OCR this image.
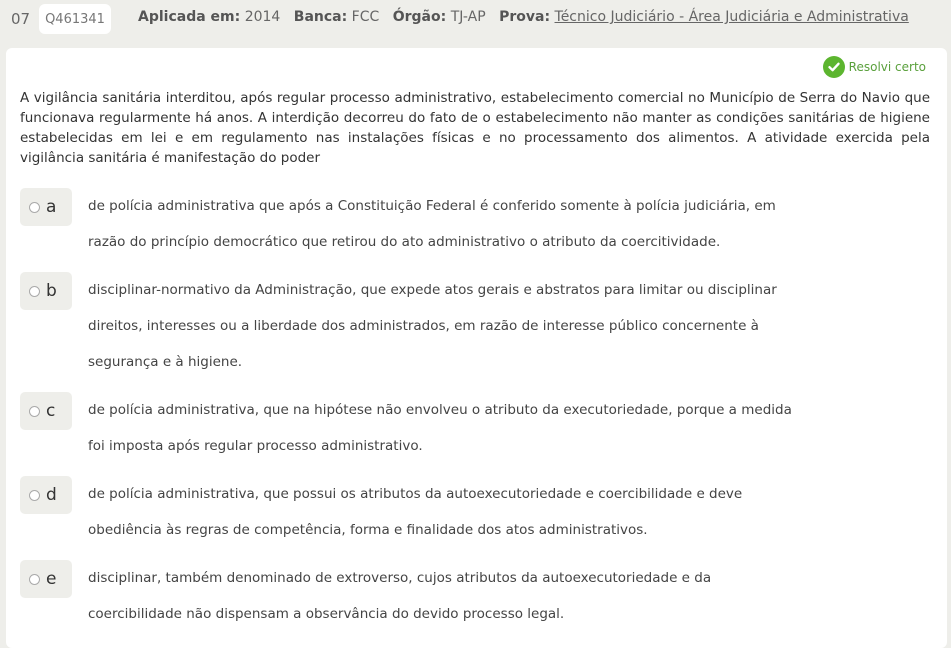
07	Q461341	Aplicada em: 2014 Banca: FCC Órgão: TJ-AP Prova: Técnico Judiciário - Área Judiciária e Administrativa
Resolvi certo
A vigilância sanitária interditou, após regular processo administrativo, estabelecimento comercial no Município de Serra do Navio que funcionava regularmente há anos. A interdição decorreu do fato de o estabelecimento não manter as condições sanitárias de higiene estabelecidas em lei e em regulamento nas instalações físicas e no processamento dos alimentos. A atividade exercida pela vigilância sanitária é manifestação do poder
a de polícia administrativa que após a Constituição Federal é conferido somente à polícia judiciária, em razão do princípio democrático que retirou do ato administrativo o atributo da coercitividade.
b disciplinar-normativo da Administração, que expede atos gerais e abstratos para limitar ou disciplinar direitos, interesses ou a liberdade dos administrados, em razão de interesse público concernente à segurança e à higiene.
c de polícia administrativa, que na hipótese não envolveu o atributo da executoriedade, porque a medida foi imposta após regular processo administrativo.
d de polícia administrativa, que possui os atributos da autoexecutoriedade e coercibilidade e deve obediência às regras de competência, forma e finalidade dos atos administrativos.
e disciplinar, também denominado de extroverso, cujos atributos da autoexecutoriedade e da coercibilidade não dispensam a observância do devido processo legal.
